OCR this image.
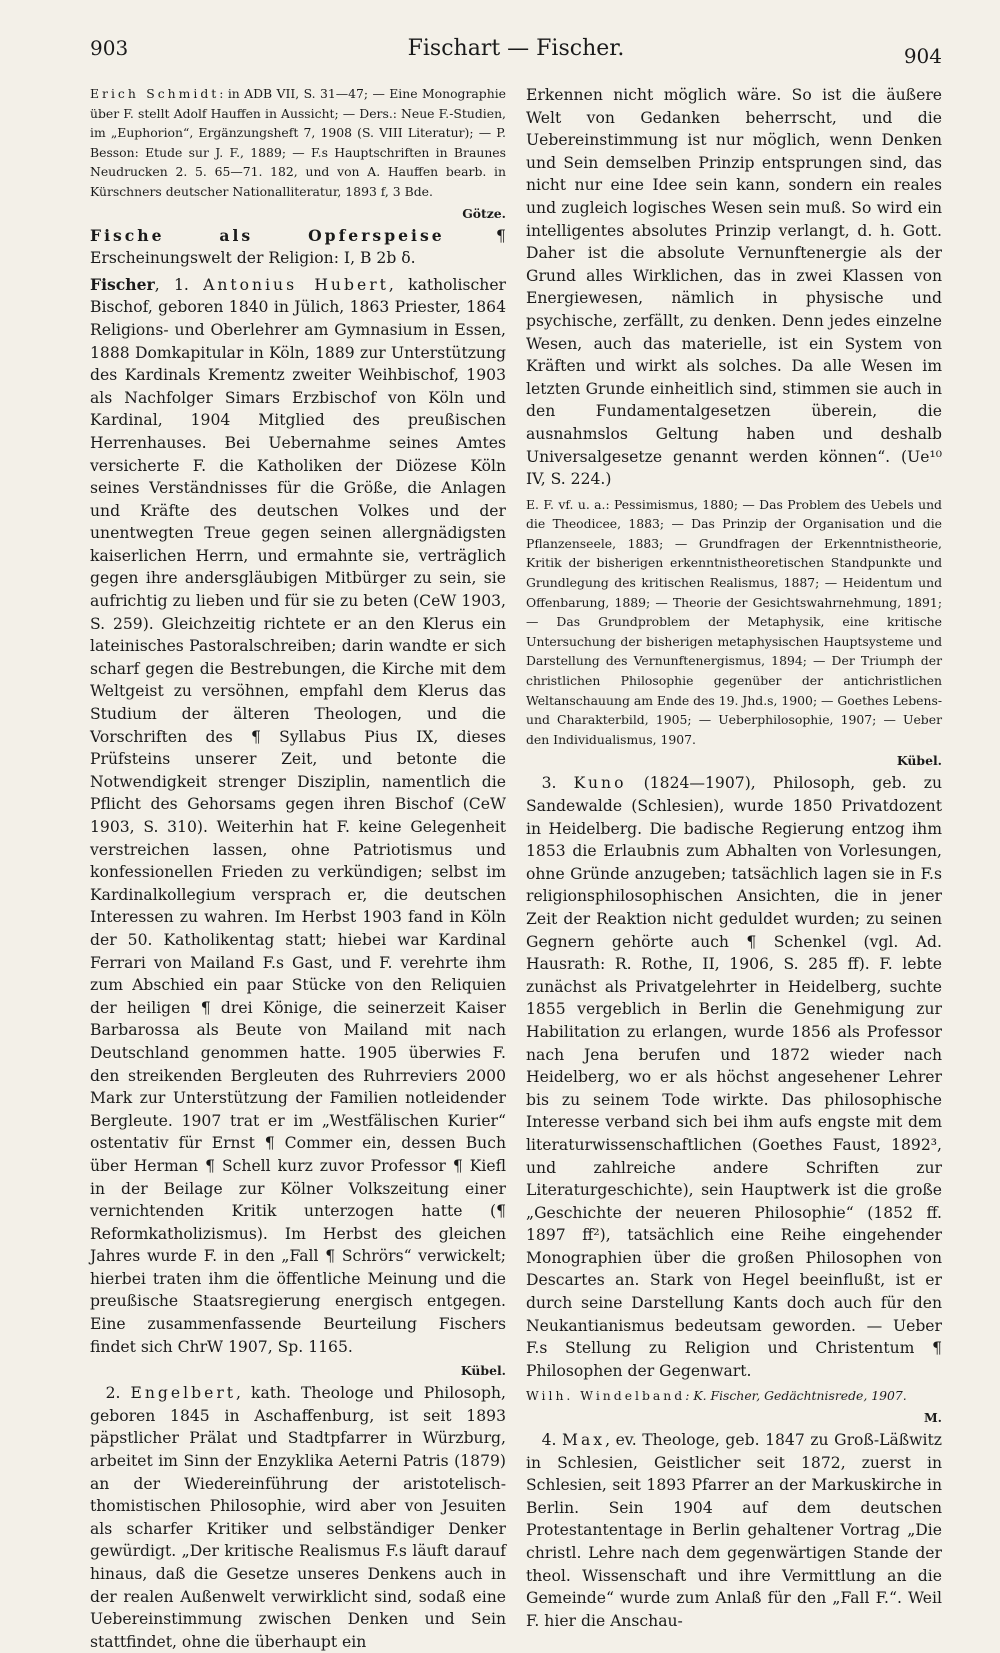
903	Fischart — Fischer.	904

Erich Schmidt: in ADB VII, S. 31—47; — Eine Monographie über F. stellt Adolf Hauffen in Aussicht; — Ders.: Neue F.-Studien, im „Euphorion“, Ergänzungsheft 7, 1908 (S. VIII Literatur); — P. Besson: Etude sur J. F., 1889; — F.s Hauptschriften in Braunes Neudrucken 2. 5. 65—71. 182, und von A. Hauffen bearb. in Kürschners deutscher Nationalliteratur, 1893 f, 3 Bde.

Götze.

Fische als Opferspeise ¶ Erscheinungswelt der Religion: I, B 2b δ.

Fischer, 1. Antonius Hubert, katholischer Bischof, geboren 1840 in Jülich, 1863 Priester, 1864 Religions- und Oberlehrer am Gymnasium in Essen, 1888 Domkapitular in Köln, 1889 zur Unterstützung des Kardinals Krementz zweiter Weihbischof, 1903 als Nachfolger Simars Erzbischof von Köln und Kardinal, 1904 Mitglied des preußischen Herrenhauses. Bei Uebernahme seines Amtes versicherte F. die Katholiken der Diözese Köln seines Verständnisses für die Größe, die Anlagen und Kräfte des deutschen Volkes und der unentwegten Treue gegen seinen allergnädigsten kaiserlichen Herrn, und ermahnte sie, verträglich gegen ihre andersgläubigen Mitbürger zu sein, sie aufrichtig zu lieben und für sie zu beten (CeW 1903, S. 259). Gleichzeitig richtete er an den Klerus ein lateinisches Pastoralschreiben; darin wandte er sich scharf gegen die Bestrebungen, die Kirche mit dem Weltgeist zu versöhnen, empfahl dem Klerus das Studium der älteren Theologen, und die Vorschriften des ¶ Syllabus Pius IX, dieses Prüfsteins unserer Zeit, und betonte die Notwendigkeit strenger Disziplin, namentlich die Pflicht des Gehorsams gegen ihren Bischof (CeW 1903, S. 310). Weiterhin hat F. keine Gelegenheit verstreichen lassen, ohne Patriotismus und konfessionellen Frieden zu verkündigen; selbst im Kardinalkollegium versprach er, die deutschen Interessen zu wahren. Im Herbst 1903 fand in Köln der 50. Katholikentag statt; hiebei war Kardinal Ferrari von Mailand F.s Gast, und F. verehrte ihm zum Abschied ein paar Stücke von den Reliquien der heiligen ¶ drei Könige, die seinerzeit Kaiser Barbarossa als Beute von Mailand mit nach Deutschland genommen hatte. 1905 überwies F. den streikenden Bergleuten des Ruhrreviers 2000 Mark zur Unterstützung der Familien notleidender Bergleute. 1907 trat er im „Westfälischen Kurier“ ostentativ für Ernst ¶ Commer ein, dessen Buch über Herman ¶ Schell kurz zuvor Professor ¶ Kiefl in der Beilage zur Kölner Volkszeitung einer vernichtenden Kritik unterzogen hatte (¶ Reformkatholizismus). Im Herbst des gleichen Jahres wurde F. in den „Fall ¶ Schrörs“ verwickelt; hierbei traten ihm die öffentliche Meinung und die preußische Staatsregierung energisch entgegen. Eine zusammenfassende Beurteilung Fischers findet sich ChrW 1907, Sp. 1165.

Kübel.

 2. Engelbert, kath. Theologe und Philosoph, geboren 1845 in Aschaffenburg, ist seit 1893 päpstlicher Prälat und Stadtpfarrer in Würzburg, arbeitet im Sinn der Enzyklika Aeterni Patris (1879) an der Wiedereinführung der aristotelisch-thomistischen Philosophie, wird aber von Jesuiten als scharfer Kritiker und selbständiger Denker gewürdigt. „Der kritische Realismus F.s läuft darauf hinaus, daß die Gesetze unseres Denkens auch in der realen Außenwelt verwirklicht sind, sodaß eine Uebereinstimmung zwischen Denken und Sein stattfindet, ohne die überhaupt ein

Erkennen nicht möglich wäre. So ist die äußere Welt von Gedanken beherrscht, und die Uebereinstimmung ist nur möglich, wenn Denken und Sein demselben Prinzip entsprungen sind, das nicht nur eine Idee sein kann, sondern ein reales und zugleich logisches Wesen sein muß. So wird ein intelligentes absolutes Prinzip verlangt, d. h. Gott. Daher ist die absolute Vernunftenergie als der Grund alles Wirklichen, das in zwei Klassen von Energiewesen, nämlich in physische und psychische, zerfällt, zu denken. Denn jedes einzelne Wesen, auch das materielle, ist ein System von Kräften und wirkt als solches. Da alle Wesen im letzten Grunde einheitlich sind, stimmen sie auch in den Fundamentalgesetzen überein, die ausnahmslos Geltung haben und deshalb Universalgesetze genannt werden können“. (Ue¹⁰ IV, S. 224.)

E. F. vf. u. a.: Pessimismus, 1880; — Das Problem des Uebels und die Theodicee, 1883; — Das Prinzip der Organisation und die Pflanzenseele, 1883; — Grundfragen der Erkenntnistheorie, Kritik der bisherigen erkenntnistheoretischen Standpunkte und Grundlegung des kritischen Realismus, 1887; — Heidentum und Offenbarung, 1889; — Theorie der Gesichtswahrnehmung, 1891; — Das Grundproblem der Metaphysik, eine kritische Untersuchung der bisherigen metaphysischen Hauptsysteme und Darstellung des Vernunftenergismus, 1894; — Der Triumph der christlichen Philosophie gegenüber der antichristlichen Weltanschauung am Ende des 19. Jhd.s, 1900; — Goethes Lebens- und Charakterbild, 1905; — Ueberphilosophie, 1907; — Ueber den Individualismus, 1907.

Kübel.

 3. Kuno (1824—1907), Philosoph, geb. zu Sandewalde (Schlesien), wurde 1850 Privatdozent in Heidelberg. Die badische Regierung entzog ihm 1853 die Erlaubnis zum Abhalten von Vorlesungen, ohne Gründe anzugeben; tatsächlich lagen sie in F.s religionsphilosophischen Ansichten, die in jener Zeit der Reaktion nicht geduldet wurden; zu seinen Gegnern gehörte auch ¶ Schenkel (vgl. Ad. Hausrath: R. Rothe, II, 1906, S. 285 ff). F. lebte zunächst als Privatgelehrter in Heidelberg, suchte 1855 vergeblich in Berlin die Genehmigung zur Habilitation zu erlangen, wurde 1856 als Professor nach Jena berufen und 1872 wieder nach Heidelberg, wo er als höchst angesehener Lehrer bis zu seinem Tode wirkte. Das philosophische Interesse verband sich bei ihm aufs engste mit dem literaturwissenschaftlichen (Goethes Faust, 1892³, und zahlreiche andere Schriften zur Literaturgeschichte), sein Hauptwerk ist die große „Geschichte der neueren Philosophie“ (1852 ff. 1897 ff²), tatsächlich eine Reihe eingehender Monographien über die großen Philosophen von Descartes an. Stark von Hegel beeinflußt, ist er durch seine Darstellung Kants doch auch für den Neukantianismus bedeutsam geworden. — Ueber F.s Stellung zu Religion und Christentum ¶ Philosophen der Gegenwart.

Wilh. Windelband: K. Fischer, Gedächtnisrede, 1907.

M.

 4. Max, ev. Theologe, geb. 1847 zu Groß-Läßwitz in Schlesien, Geistlicher seit 1872, zuerst in Schlesien, seit 1893 Pfarrer an der Markuskirche in Berlin. Sein 1904 auf dem deutschen Protestantentage in Berlin gehaltener Vortrag „Die christl. Lehre nach dem gegenwärtigen Stande der theol. Wissenschaft und ihre Vermittlung an die Gemeinde“ wurde zum Anlaß für den „Fall F.“. Weil F. hier die Anschau-
